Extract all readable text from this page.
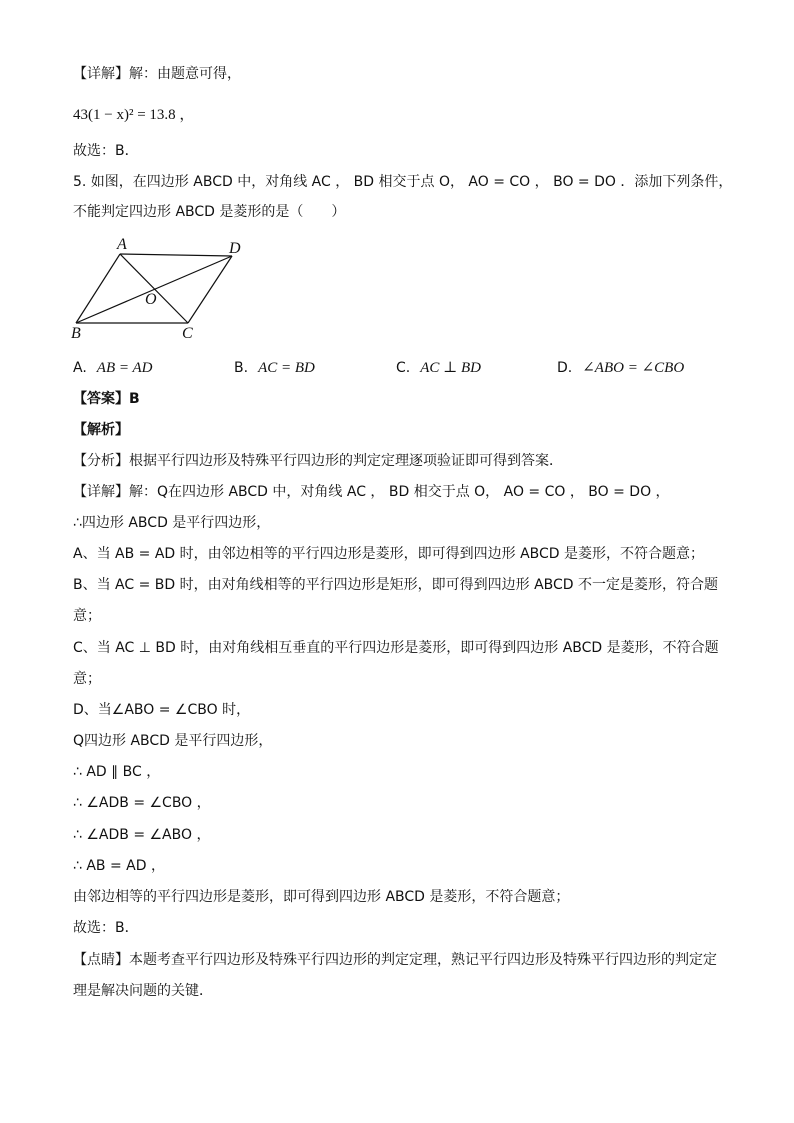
【详解】解：由题意可得，
43(1 − x)² = 13.8 ，
故选：B．
5. 如图，在四边形 ABCD 中，对角线 AC ， BD 相交于点 O， AO = CO ， BO = DO ．添加下列条件，
不能判定四边形 ABCD 是菱形的是（　　）
A	D
O
B	C
A. AB = AD	B. AC = BD	C. AC ⊥ BD	D. ∠ABO = ∠CBO
【答案】B
【解析】
【分析】根据平行四边形及特殊平行四边形的判定定理逐项验证即可得到答案．
【详解】解：Q在四边形 ABCD 中，对角线 AC ， BD 相交于点 O， AO = CO ， BO = DO ，
∴四边形 ABCD 是平行四边形，
A、当 AB = AD 时，由邻边相等的平行四边形是菱形，即可得到四边形 ABCD 是菱形，不符合题意；
B、当 AC = BD 时，由对角线相等的平行四边形是矩形，即可得到四边形 ABCD 不一定是菱形，符合题
意；
C、当 AC ⊥ BD 时，由对角线相互垂直的平行四边形是菱形，即可得到四边形 ABCD 是菱形，不符合题
意；
D、当∠ABO = ∠CBO 时，
Q四边形 ABCD 是平行四边形，
∴ AD ∥ BC ，
∴ ∠ADB = ∠CBO ，
∴ ∠ADB = ∠ABO ，
∴ AB = AD ，
由邻边相等的平行四边形是菱形，即可得到四边形 ABCD 是菱形，不符合题意；
故选：B．
【点睛】本题考查平行四边形及特殊平行四边形的判定定理，熟记平行四边形及特殊平行四边形的判定定
理是解决问题的关键．
